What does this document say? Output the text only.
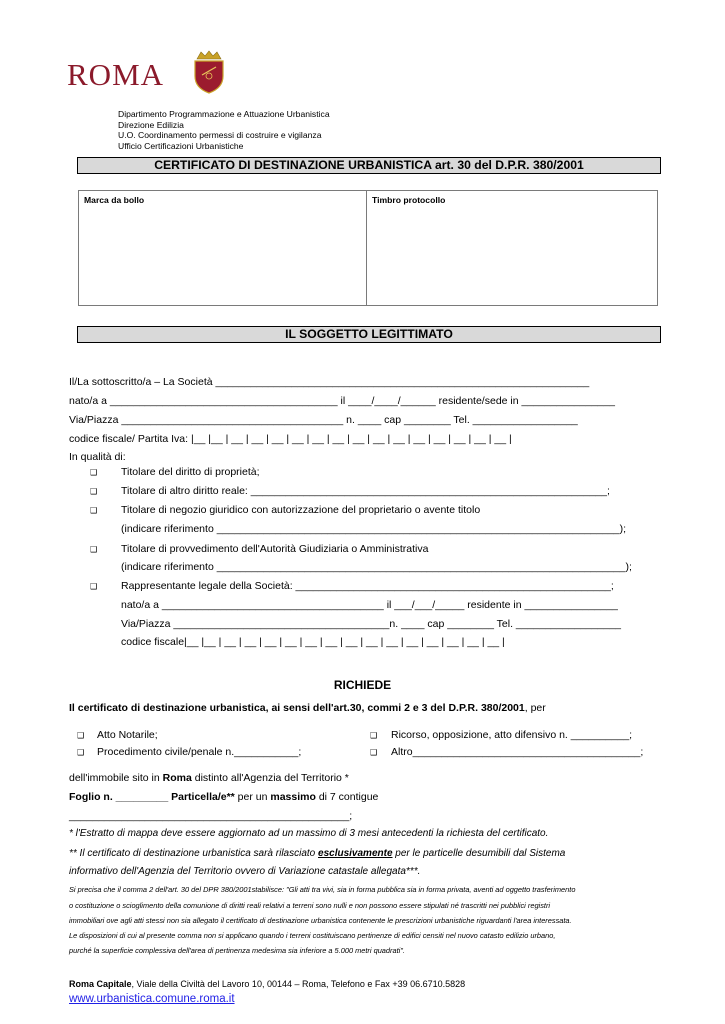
ROMA
Dipartimento Programmazione e Attuazione Urbanistica
Direzione Edilizia
U.O. Coordinamento permessi di costruire e vigilanza
Ufficio Certificazioni Urbanistiche
CERTIFICATO DI DESTINAZIONE URBANISTICA art. 30 del D.P.R. 380/2001
Marca da bollo	Timbro protocollo
IL SOGGETTO LEGITTIMATO
Il/La sottoscritto/a – La Società ________________________________________________________________
nato/a a _______________________________________ il ____/____/______ residente/sede in ________________
Via/Piazza ______________________________________ n. ____ cap ________ Tel. __________________
codice fiscale/ Partita Iva: |__ |__ | __ | __ | __ | __ | __ | __ | __ | __ | __ | __ | __ | __ | __ | __ |
In qualità di:
❑ Titolare del diritto di proprietà;
❑ Titolare di altro diritto reale: _____________________________________________________________;
❑ Titolare di negozio giuridico con autorizzazione del proprietario o avente titolo
(indicare riferimento _____________________________________________________________________);
❑ Titolare di provvedimento dell'Autorità Giudiziaria o Amministrativa
(indicare riferimento ______________________________________________________________________);
❑ Rappresentante legale della Società: ______________________________________________________;
nato/a a ______________________________________ il ___/___/_____ residente in ________________
Via/Piazza _____________________________________n. ____ cap ________ Tel. __________________
codice fiscale|__ |__ | __ | __ | __ | __ | __ | __ | __ | __ | __ | __ | __ | __ | __ | __ |
RICHIEDE
Il certificato di destinazione urbanistica, ai sensi dell'art.30, commi 2 e 3 del D.P.R. 380/2001, per
❑ Atto Notarile;
❑ Procedimento civile/penale n.___________;
❑ Ricorso, opposizione, atto difensivo n. __________;
❑ Altro_______________________________________;
dell'immobile sito in Roma distinto all'Agenzia del Territorio *
Foglio n. _________ Particella/e** per un massimo di 7 contigue
________________________________________________;
* l'Estratto di mappa deve essere aggiornato ad un massimo di 3 mesi antecedenti la richiesta del certificato.
** Il certificato di destinazione urbanistica sarà rilasciato esclusivamente per le particelle desumibili dal Sistema
informativo dell'Agenzia del Territorio ovvero di Variazione catastale allegata***.
Si precisa che il comma 2 dell'art. 30 del DPR 380/2001stabilisce: "Gli atti tra vivi, sia in forma pubblica sia in forma privata, aventi ad oggetto trasferimento
o costituzione o scioglimento della comunione di diritti reali relativi a terreni sono nulli e non possono essere stipulati né trascritti nei pubblici registri
immobiliari ove agli atti stessi non sia allegato il certificato di destinazione urbanistica contenente le prescrizioni urbanistiche riguardanti l'area interessata.
Le disposizioni di cui al presente comma non si applicano quando i terreni costituiscano pertinenze di edifici censiti nel nuovo catasto edilizio urbano,
purché la superficie complessiva dell'area di pertinenza medesima sia inferiore a 5.000 metri quadrati".
Roma Capitale, Viale della Civiltà del Lavoro 10, 00144 – Roma, Telefono e Fax +39 06.6710.5828
www.urbanistica.comune.roma.it
